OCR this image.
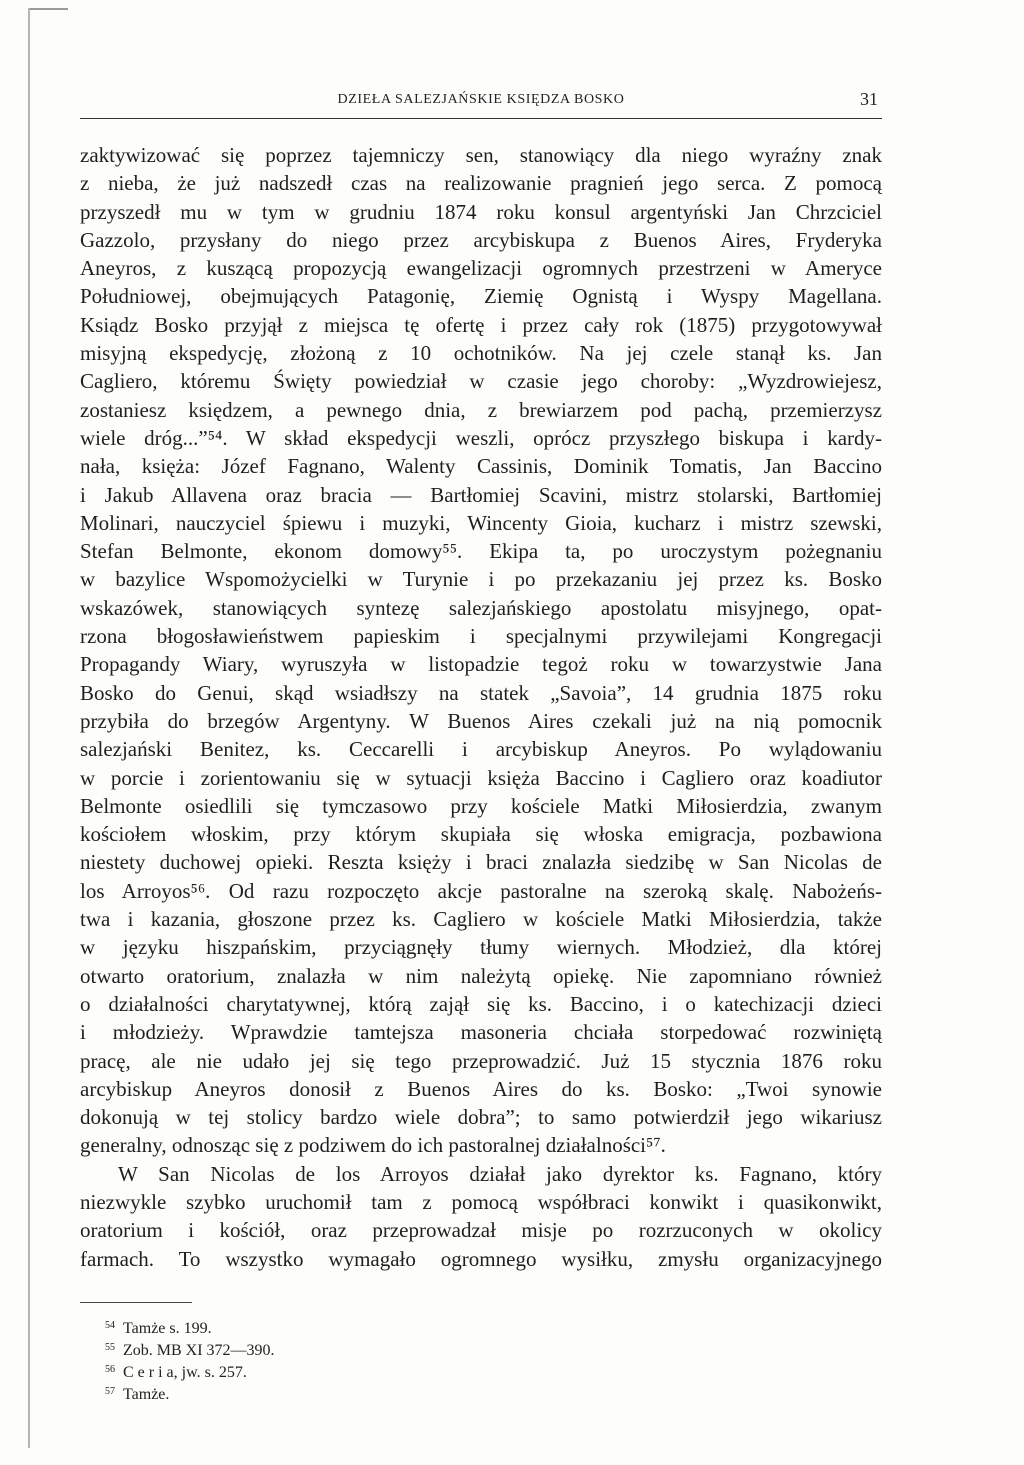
DZIEŁA SALEZJAŃSKIE KSIĘDZA BOSKO	31
zaktywizować się poprzez tajemniczy sen, stanowiący dla niego wyraźny znak
z nieba, że już nadszedł czas na realizowanie pragnień jego serca. Z pomocą
przyszedł mu w tym w grudniu 1874 roku konsul argentyński Jan Chrzciciel
Gazzolo, przysłany do niego przez arcybiskupa z Buenos Aires, Fryderyka
Aneyros, z kuszącą propozycją ewangelizacji ogromnych przestrzeni w Ameryce
Południowej, obejmujących Patagonię, Ziemię Ognistą i Wyspy Magellana.
Ksiądz Bosko przyjął z miejsca tę ofertę i przez cały rok (1875) przygotowywał
misyjną ekspedycję, złożoną z 10 ochotników. Na jej czele stanął ks. Jan
Cagliero, któremu Święty powiedział w czasie jego choroby: „Wyzdrowiejesz,
zostaniesz księdzem, a pewnego dnia, z brewiarzem pod pachą, przemierzysz
wiele dróg...”⁵⁴. W skład ekspedycji weszli, oprócz przyszłego biskupa i kardy-
nała, księża: Józef Fagnano, Walenty Cassinis, Dominik Tomatis, Jan Baccino
i Jakub Allavena oraz bracia — Bartłomiej Scavini, mistrz stolarski, Bartłomiej
Molinari, nauczyciel śpiewu i muzyki, Wincenty Gioia, kucharz i mistrz szewski,
Stefan Belmonte, ekonom domowy⁵⁵. Ekipa ta, po uroczystym pożegnaniu
w bazylice Wspomożycielki w Turynie i po przekazaniu jej przez ks. Bosko
wskazówek, stanowiących syntezę salezjańskiego apostolatu misyjnego, opat-
rzona błogosławieństwem papieskim i specjalnymi przywilejami Kongregacji
Propagandy Wiary, wyruszyła w listopadzie tegoż roku w towarzystwie Jana
Bosko do Genui, skąd wsiadłszy na statek „Savoia”, 14 grudnia 1875 roku
przybiła do brzegów Argentyny. W Buenos Aires czekali już na nią pomocnik
salezjański Benitez, ks. Ceccarelli i arcybiskup Aneyros. Po wylądowaniu
w porcie i zorientowaniu się w sytuacji księża Baccino i Cagliero oraz koadiutor
Belmonte osiedlili się tymczasowo przy kościele Matki Miłosierdzia, zwanym
kościołem włoskim, przy którym skupiała się włoska emigracja, pozbawiona
niestety duchowej opieki. Reszta księży i braci znalazła siedzibę w San Nicolas de
los Arroyos⁵⁶. Od razu rozpoczęto akcje pastoralne na szeroką skalę. Nabożeńs-
twa i kazania, głoszone przez ks. Cagliero w kościele Matki Miłosierdzia, także
w języku hiszpańskim, przyciągnęły tłumy wiernych. Młodzież, dla której
otwarto oratorium, znalazła w nim należytą opiekę. Nie zapomniano również
o działalności charytatywnej, którą zajął się ks. Baccino, i o katechizacji dzieci
i młodzieży. Wprawdzie tamtejsza masoneria chciała storpedować rozwiniętą
pracę, ale nie udało jej się tego przeprowadzić. Już 15 stycznia 1876 roku
arcybiskup Aneyros donosił z Buenos Aires do ks. Bosko: „Twoi synowie
dokonują w tej stolicy bardzo wiele dobra”; to samo potwierdził jego wikariusz
generalny, odnosząc się z podziwem do ich pastoralnej działalności⁵⁷.
W San Nicolas de los Arroyos działał jako dyrektor ks. Fagnano, który
niezwykle szybko uruchomił tam z pomocą współbraci konwikt i quasikonwikt,
oratorium i kościół, oraz przeprowadzał misje po rozrzuconych w okolicy
farmach. To wszystko wymagało ogromnego wysiłku, zmysłu organizacyjnego
$^{54}$ Tamże s. 199.
$^{55}$ Zob. MB XI 372—390.
$^{56}$ C e r i a, jw. s. 257.
$^{57}$ Tamże.
